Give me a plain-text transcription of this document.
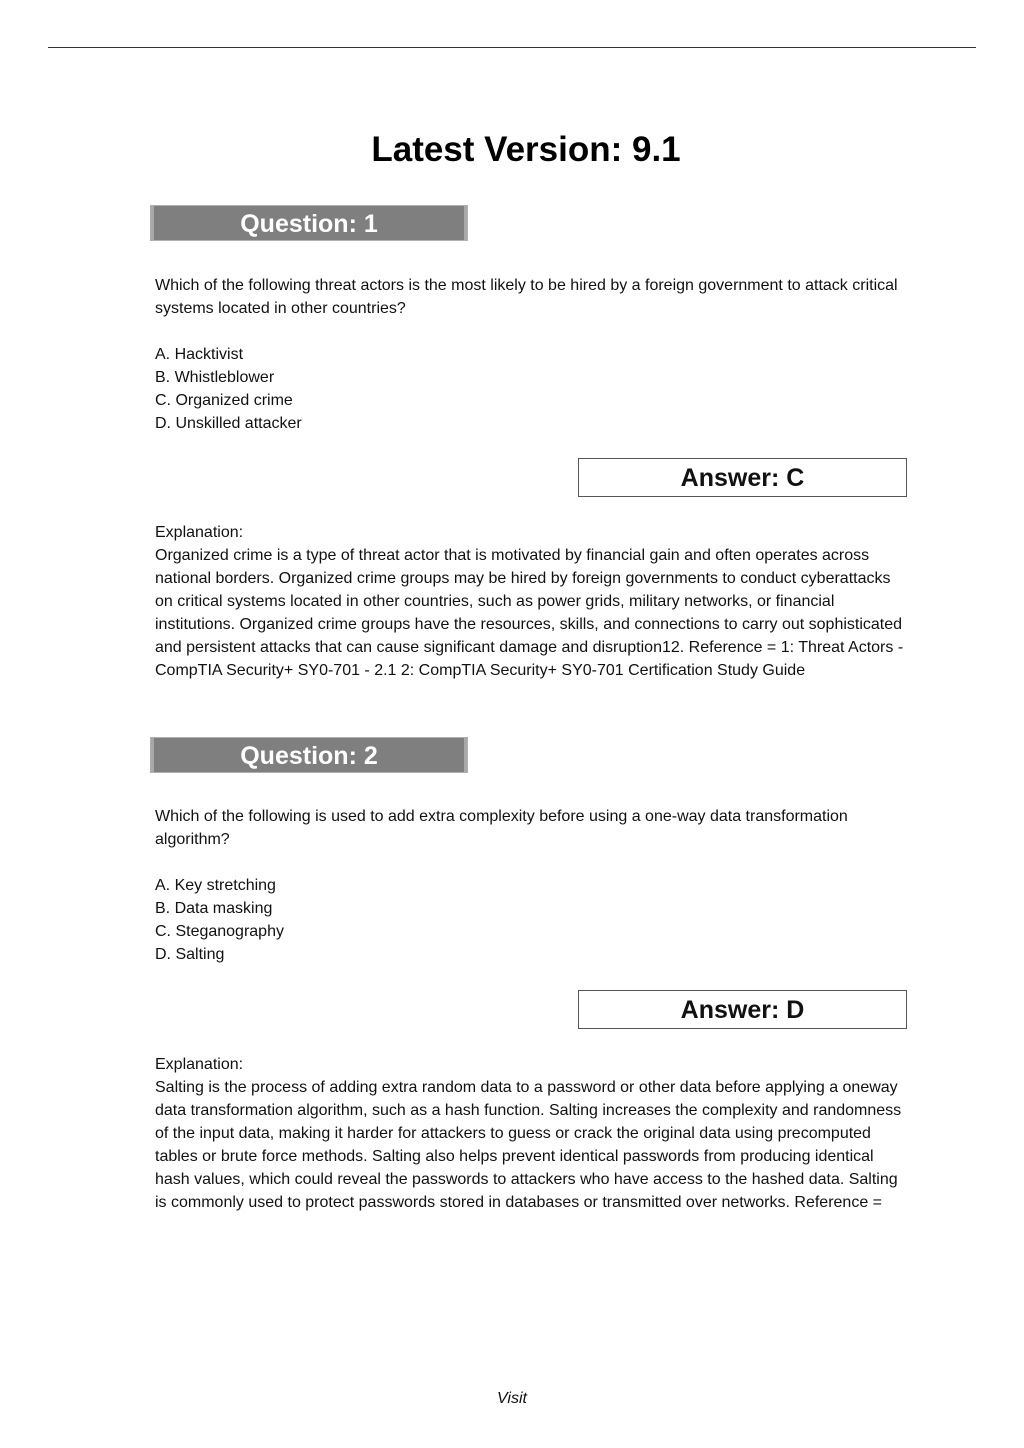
Latest Version: 9.1
Question: 1

Which of the following threat actors is the most likely to be hired by a foreign government to attack critical systems located in other countries?

A. Hacktivist
B. Whistleblower
C. Organized crime
D. Unskilled attacker
Answer: C

Explanation:

Organized crime is a type of threat actor that is motivated by financial gain and often operates across national borders. Organized crime groups may be hired by foreign governments to conduct cyberattacks on critical systems located in other countries, such as power grids, military networks, or financial institutions. Organized crime groups have the resources, skills, and connections to carry out sophisticated and persistent attacks that can cause significant damage and disruption12. Reference = 1: Threat Actors - CompTIA Security+ SY0-701 - 2.1 2: CompTIA Security+ SY0-701 Certification Study Guide

Question: 2

Which of the following is used to add extra complexity before using a one-way data transformation algorithm?

A. Key stretching
B. Data masking
C. Steganography
D. Salting
Answer: D

Explanation:

Salting is the process of adding extra random data to a password or other data before applying a oneway data transformation algorithm, such as a hash function. Salting increases the complexity and randomness of the input data, making it harder for attackers to guess or crack the original data using precomputed tables or brute force methods. Salting also helps prevent identical passwords from producing identical hash values, which could reveal the passwords to attackers who have access to the hashed data. Salting is commonly used to protect passwords stored in databases or transmitted over networks. Reference =

Visit
